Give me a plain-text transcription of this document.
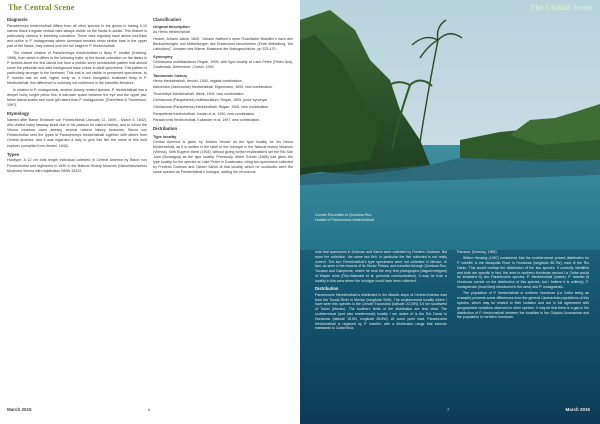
The Central Scene
Diagnosis

Paraclemmys friedrichsthali differs from all other species in the genus in having 9-10 narrow black irregular vertical bars always visible on the flanks in adults. This feature is particularly obvious in breeding coloration. These bars regularly have above mid-flank and unlike in P. motaguensis where dominant females show similar bars in the upper part of the flanks, they extend over the full height in P. friedrichsthali.

The closest relative of Paraclemmys friedrichsthali is likely P. tomkini (Kessing, 1996), from which it differs in the following traits; a) the dorsal coloration on the flanks in P. tomkini alone the first lateral line form a pinkish silver semisoluble pattern that almost cover the yellowish and dark background base colour in adult specimens. This pattern is particularly stronger in the forehead. This trait is not visible in preserved specimens. b) P. tomkini has an oval, higher body vs. a more elongated, shallower body in P. friedrichsthali; this difference is curiously not confirmed in the scientific literature.

In relation to P. motaguensis, another closely related species, P. friedrichsthali has a deeper body, longer pelvic fins, a narrower space between the eye and the upper jaw, fewer lateral scales and more gill rakers than P. motaguensis, (Greenfield & Thomerson, 1997).

Etymology

Named after Baron Emanuel von Friedrichsthal (January 12, 1809 – March 3, 1842), who visited many faraway lands due to his passion for natural history, and to whom the Vienna museum owes already several natural history treasures. Baron von Friedrichsthal sent the types of Paraclemmys friedrichsthali together with others from Central America, and it was regarded a duty to give this fish the name of this avid explorer (compiled from Heckel, 1840).

Types

Holotype: A 12 cm total length individual collected in Central America by Baron von Friedrichsthal and registered in 1840 in the Natural History Museum (Naturhistorisches Museum) Vienna with registration NMW 33322.

Classification
Original description

As Heros friedrichsthali

Heckel, Johann Jakob. 1840. "Johann Natterer's neue Flussfische Brasilien's nach den Beobachtungen und Mittheilungen des Entdeckers beschrieben (Erste Abtheilung, Die Labroiden)". Annalen des Wiener Museums der Naturgeschichte. pp 325-470.

Synonymy

Cichlasoma multifasciatum Regan, 1905, with type locality at Lake Petén (Petén Itza), Guatemala. Determiner: Conkel, 1993.

Taxonomic history

Heros friedrichsthali, Heckel, 1840, original combination.

Astronotus (Astronotus) friedrichsthali, Eigenmann, 1893, new combination.

Thorichthys friedrichsthali, Meek, 1904, new combination.

Cichlasoma (Parapetenia) multifasciatum, Regan, 1905, junior synonym.

Cichlasoma (Parapetenia) friedrichsthali, Regan, 1905, new combination.

Parapetenia friedrichsthali, Jordan et al, 1930, new combination.

Parachromis friedrichsthali, Kullander et al, 1997, new combination.

Distribution
Type locality

Central America is given by Johann Heckel as the type locality for his Heros friedrichsthali, as it is written in the label of the holotype in the Natural history Museum (Vienna). Seth Eugene Meek (1904), without giving further explanations set the Rio San Juan (Nicaragua) as the type locality. Previously, Albert Günter (1868) had given the type locality for the species at Lake Petén in Guatemala, citing two specimens collected by Frederic Godman and Osbert Salvin at that locality, which he concludes were the same species as Friedrichsthal's holotype, adding the erroneous

March 2015	6
The Cichlid Scene
Cenote Escondido in Quintana Roo.
Habitat of Parachromis friedrichsthali.

note that specimens in Godman and Salvin were collected by Frederic Godman. But none the collection, the same two fish. In particular the fish collected is not really correct. The two Friedrichsthal's type specimens were not collected in Mexico. In fact, as seen in the records of its Senior Pelaez, and travelled through Quintana Roo, Yucatan and Campeche, where he took the very first photographs (daguerreotypes) of Mayan ruins (Rico-Mansard et al. personal communication). It may be from a locality in this area where the holotype could have been collected.

Distribution

Parachromis friedrichsthali is distributed in the Atlantic slope of Central America east from the Tonalá River in Mexico (longitude 94W). The southernmost locality where I have seen this species is the Cenote Escondido (latitude 20.19N) 3.6 km southwest of Tulum (Mexico). The southern limits of the distribution are less clear. The southernmost (and also easternmost) locality I am aware of is the Río Danto in Honduras (latitude 15.6N, longitude 86.8W). At some point east, Parachromis friedrichsthali is replaced by P. loisellei, with a distribution range that extends eastwards to Costa Rica,

Panama. (Kessing, 1985).

Willem Kessing (1987) considered that the southernmost proved distribution for P. loisellei is the Mosquitia River in Honduras (longitude 85.7W), east of the Rio Danto. This would overlap the distribution of the two species. If correctly identified and both are specific in fact, the area in northern Honduras around La Ceiba would be inhabited by two Parachromis species. P. friedrichsthali (native). P. loisellei (if Honduras correct on the distribution of this species, but I believe it is unlikely). P. motaguensis (most likely introduced in the area) and P. motaguensis.

The population of P. friedrichsthali in northern Honduras (La Ceiba being an example) presents some differences from the general Usumacinta populations of this species, which may be related to their isolation and are in full agreement with geographical variations observed in other species. It may be that there is a gap in the distribution of P. friedrichsthali between the localities in the Grijalva-Usumacinta and the population in northern Honduras.

7	March 2015
